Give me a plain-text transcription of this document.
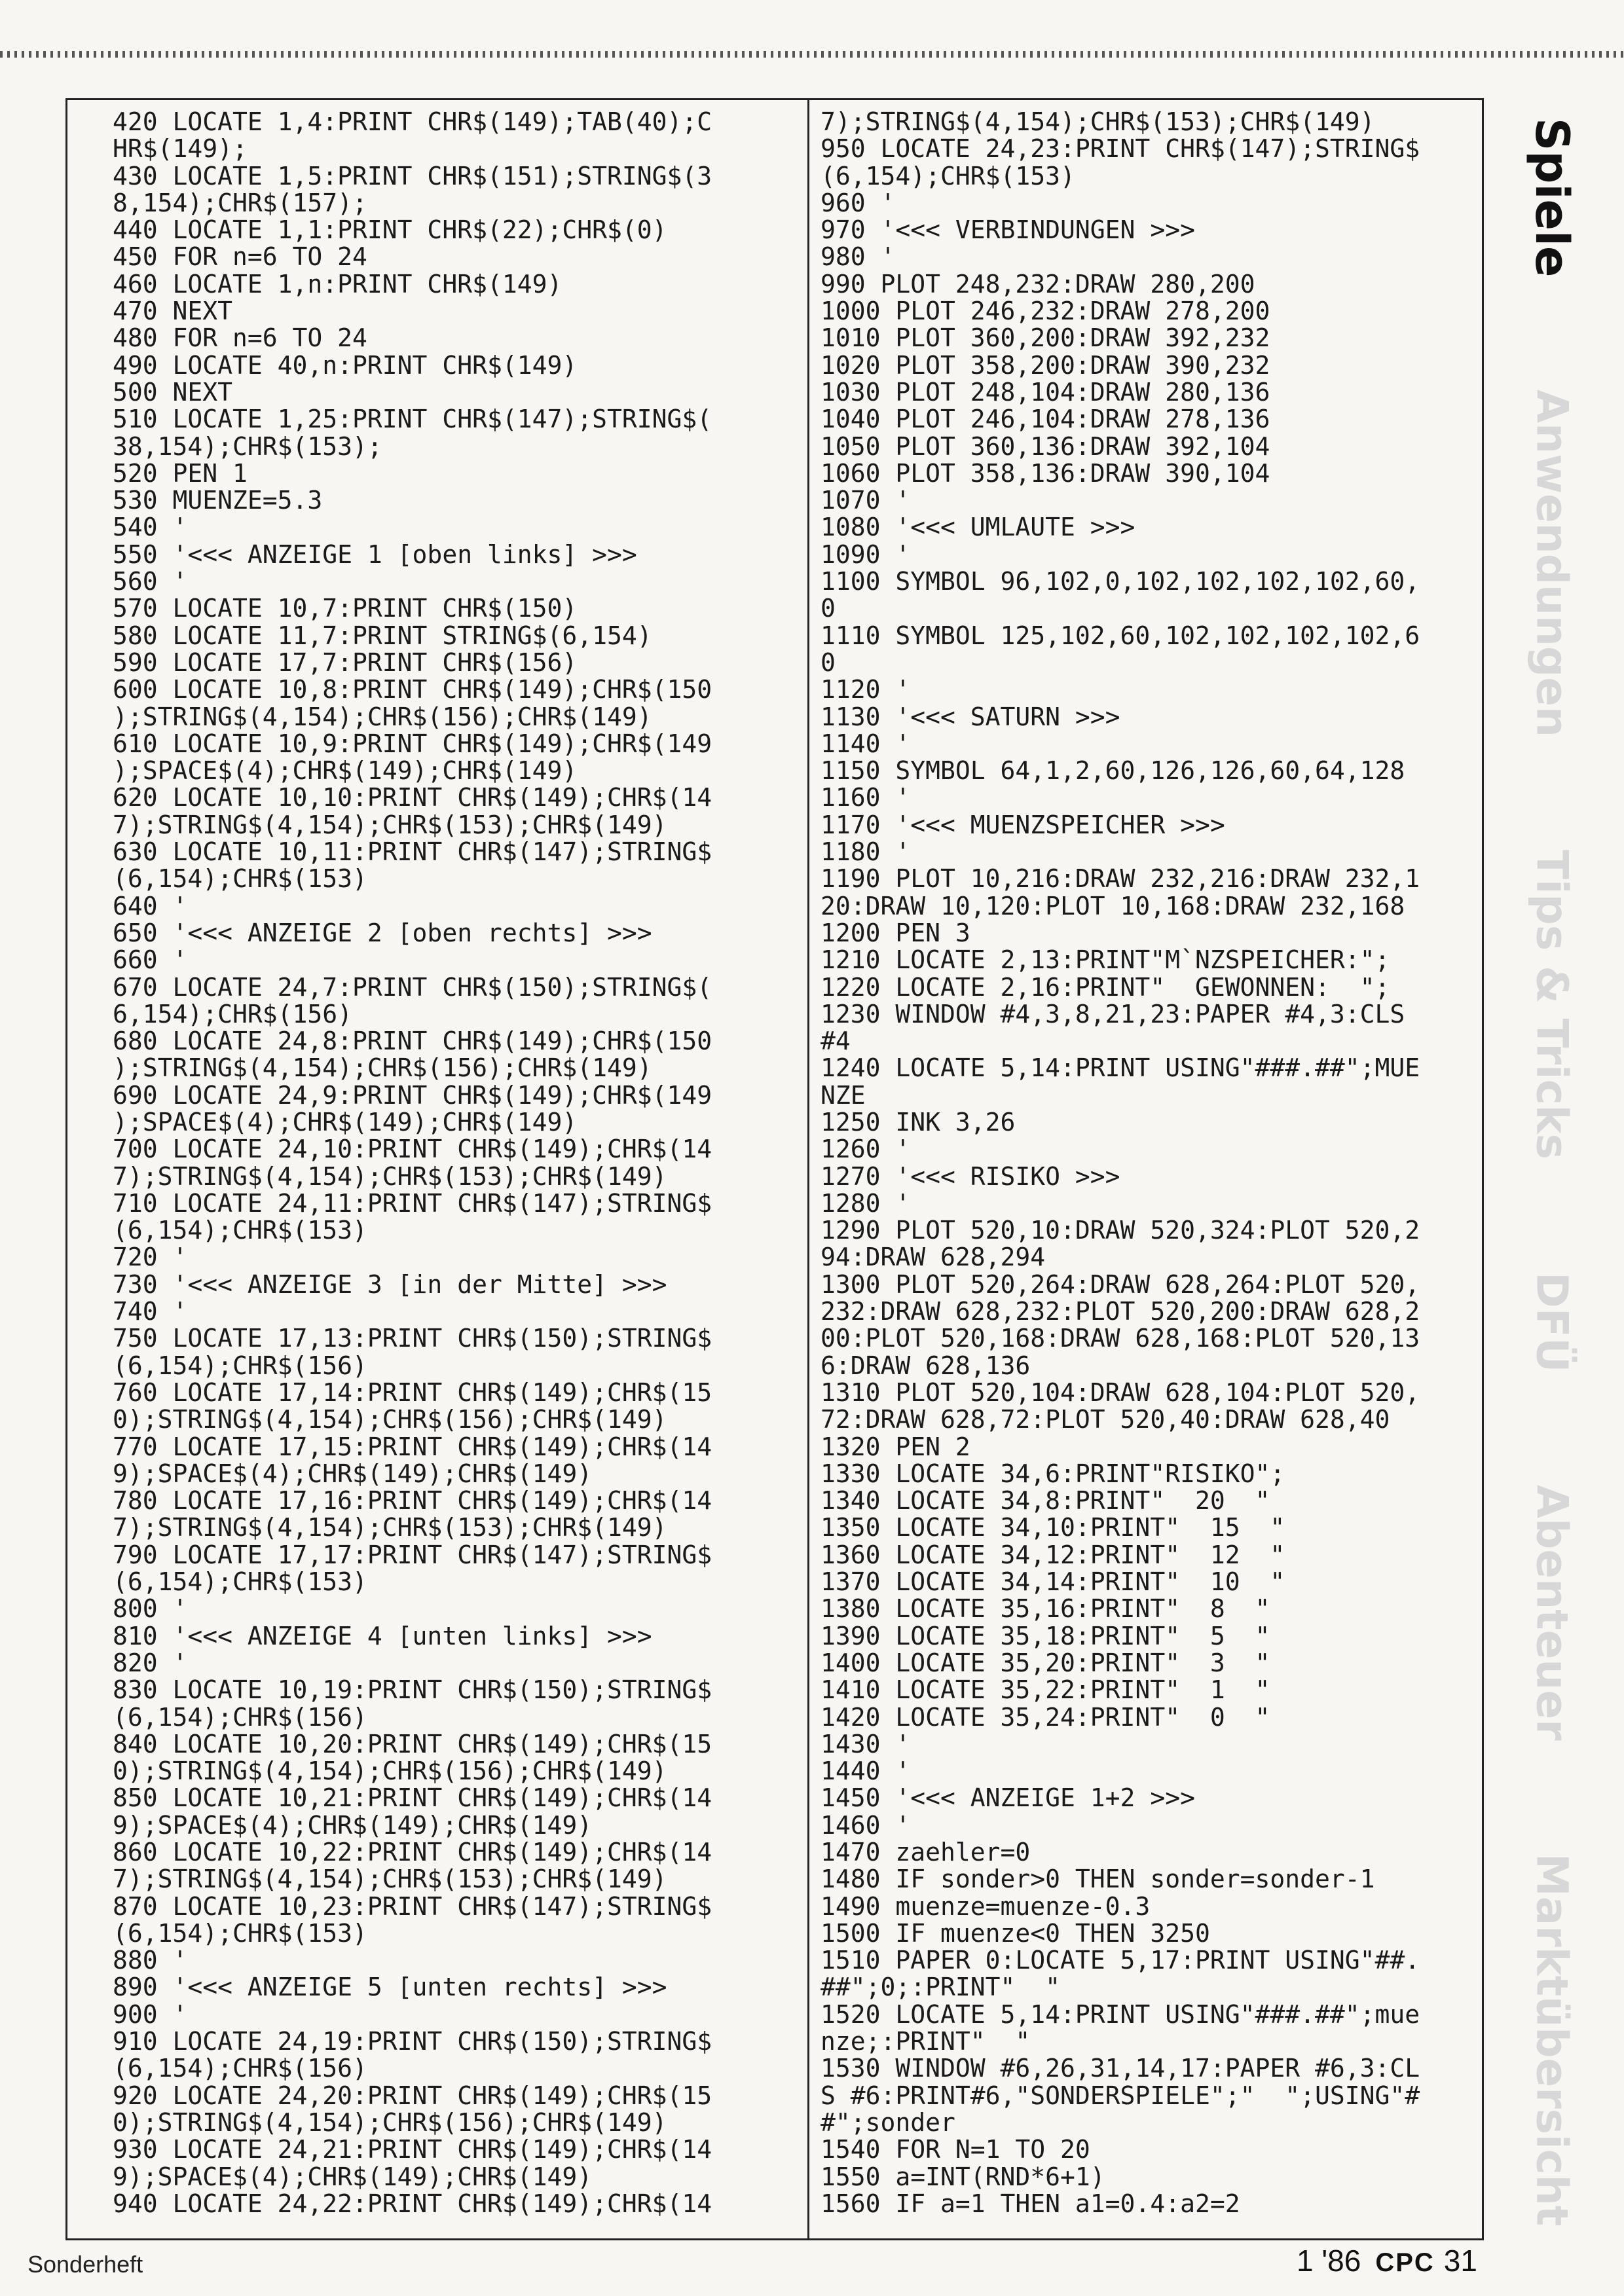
420 LOCATE 1,4:PRINT CHR$(149);TAB(40);C
HR$(149);
430 LOCATE 1,5:PRINT CHR$(151);STRING$(3
8,154);CHR$(157);
440 LOCATE 1,1:PRINT CHR$(22);CHR$(0)
450 FOR n=6 TO 24
460 LOCATE 1,n:PRINT CHR$(149)
470 NEXT
480 FOR n=6 TO 24
490 LOCATE 40,n:PRINT CHR$(149)
500 NEXT
510 LOCATE 1,25:PRINT CHR$(147);STRING$(
38,154);CHR$(153);
520 PEN 1
530 MUENZE=5.3
540 '
550 '<<< ANZEIGE 1 [oben links] >>>
560 '
570 LOCATE 10,7:PRINT CHR$(150)
580 LOCATE 11,7:PRINT STRING$(6,154)
590 LOCATE 17,7:PRINT CHR$(156)
600 LOCATE 10,8:PRINT CHR$(149);CHR$(150
);STRING$(4,154);CHR$(156);CHR$(149)
610 LOCATE 10,9:PRINT CHR$(149);CHR$(149
);SPACE$(4);CHR$(149);CHR$(149)
620 LOCATE 10,10:PRINT CHR$(149);CHR$(14
7);STRING$(4,154);CHR$(153);CHR$(149)
630 LOCATE 10,11:PRINT CHR$(147);STRING$
(6,154);CHR$(153)
640 '
650 '<<< ANZEIGE 2 [oben rechts] >>>
660 '
670 LOCATE 24,7:PRINT CHR$(150);STRING$(
6,154);CHR$(156)
680 LOCATE 24,8:PRINT CHR$(149);CHR$(150
);STRING$(4,154);CHR$(156);CHR$(149)
690 LOCATE 24,9:PRINT CHR$(149);CHR$(149
);SPACE$(4);CHR$(149);CHR$(149)
700 LOCATE 24,10:PRINT CHR$(149);CHR$(14
7);STRING$(4,154);CHR$(153);CHR$(149)
710 LOCATE 24,11:PRINT CHR$(147);STRING$
(6,154);CHR$(153)
720 '
730 '<<< ANZEIGE 3 [in der Mitte] >>>
740 '
750 LOCATE 17,13:PRINT CHR$(150);STRING$
(6,154);CHR$(156)
760 LOCATE 17,14:PRINT CHR$(149);CHR$(15
0);STRING$(4,154);CHR$(156);CHR$(149)
770 LOCATE 17,15:PRINT CHR$(149);CHR$(14
9);SPACE$(4);CHR$(149);CHR$(149)
780 LOCATE 17,16:PRINT CHR$(149);CHR$(14
7);STRING$(4,154);CHR$(153);CHR$(149)
790 LOCATE 17,17:PRINT CHR$(147);STRING$
(6,154);CHR$(153)
800 '
810 '<<< ANZEIGE 4 [unten links] >>>
820 '
830 LOCATE 10,19:PRINT CHR$(150);STRING$
(6,154);CHR$(156)
840 LOCATE 10,20:PRINT CHR$(149);CHR$(15
0);STRING$(4,154);CHR$(156);CHR$(149)
850 LOCATE 10,21:PRINT CHR$(149);CHR$(14
9);SPACE$(4);CHR$(149);CHR$(149)
860 LOCATE 10,22:PRINT CHR$(149);CHR$(14
7);STRING$(4,154);CHR$(153);CHR$(149)
870 LOCATE 10,23:PRINT CHR$(147);STRING$
(6,154);CHR$(153)
880 '
890 '<<< ANZEIGE 5 [unten rechts] >>>
900 '
910 LOCATE 24,19:PRINT CHR$(150);STRING$
(6,154);CHR$(156)
920 LOCATE 24,20:PRINT CHR$(149);CHR$(15
0);STRING$(4,154);CHR$(156);CHR$(149)
930 LOCATE 24,21:PRINT CHR$(149);CHR$(14
9);SPACE$(4);CHR$(149);CHR$(149)
940 LOCATE 24,22:PRINT CHR$(149);CHR$(14
7);STRING$(4,154);CHR$(153);CHR$(149)
950 LOCATE 24,23:PRINT CHR$(147);STRING$
(6,154);CHR$(153)
960 '
970 '<<< VERBINDUNGEN >>>
980 '
990 PLOT 248,232:DRAW 280,200
1000 PLOT 246,232:DRAW 278,200
1010 PLOT 360,200:DRAW 392,232
1020 PLOT 358,200:DRAW 390,232
1030 PLOT 248,104:DRAW 280,136
1040 PLOT 246,104:DRAW 278,136
1050 PLOT 360,136:DRAW 392,104
1060 PLOT 358,136:DRAW 390,104
1070 '
1080 '<<< UMLAUTE >>>
1090 '
1100 SYMBOL 96,102,0,102,102,102,102,60,
0
1110 SYMBOL 125,102,60,102,102,102,102,6
0
1120 '
1130 '<<< SATURN >>>
1140 '
1150 SYMBOL 64,1,2,60,126,126,60,64,128
1160 '
1170 '<<< MUENZSPEICHER >>>
1180 '
1190 PLOT 10,216:DRAW 232,216:DRAW 232,1
20:DRAW 10,120:PLOT 10,168:DRAW 232,168
1200 PEN 3
1210 LOCATE 2,13:PRINT"M`NZSPEICHER:";
1220 LOCATE 2,16:PRINT"  GEWONNEN:  ";
1230 WINDOW #4,3,8,21,23:PAPER #4,3:CLS
#4
1240 LOCATE 5,14:PRINT USING"###.##";MUE
NZE
1250 INK 3,26
1260 '
1270 '<<< RISIKO >>>
1280 '
1290 PLOT 520,10:DRAW 520,324:PLOT 520,2
94:DRAW 628,294
1300 PLOT 520,264:DRAW 628,264:PLOT 520,
232:DRAW 628,232:PLOT 520,200:DRAW 628,2
00:PLOT 520,168:DRAW 628,168:PLOT 520,13
6:DRAW 628,136
1310 PLOT 520,104:DRAW 628,104:PLOT 520,
72:DRAW 628,72:PLOT 520,40:DRAW 628,40
1320 PEN 2
1330 LOCATE 34,6:PRINT"RISIKO";
1340 LOCATE 34,8:PRINT"  20  "
1350 LOCATE 34,10:PRINT"  15  "
1360 LOCATE 34,12:PRINT"  12  "
1370 LOCATE 34,14:PRINT"  10  "
1380 LOCATE 35,16:PRINT"  8  "
1390 LOCATE 35,18:PRINT"  5  "
1400 LOCATE 35,20:PRINT"  3  "
1410 LOCATE 35,22:PRINT"  1  "
1420 LOCATE 35,24:PRINT"  0  "
1430 '
1440 '
1450 '<<< ANZEIGE 1+2 >>>
1460 '
1470 zaehler=0
1480 IF sonder>0 THEN sonder=sonder-1
1490 muenze=muenze-0.3
1500 IF muenze<0 THEN 3250
1510 PAPER 0:LOCATE 5,17:PRINT USING"##.
##";0;:PRINT"  "
1520 LOCATE 5,14:PRINT USING"###.##";mue
nze;:PRINT"  "
1530 WINDOW #6,26,31,14,17:PAPER #6,3:CL
S #6:PRINT#6,"SONDERSPIELE";"  ";USING"#
#";sonder
1540 FOR N=1 TO 20
1550 a=INT(RND*6+1)
1560 IF a=1 THEN a1=0.4:a2=2
Spiele
Anwendungen
Tips & Tricks
DFÜ
Abenteuer
Marktübersicht
Sonderheft	1 '86 CPC 31
